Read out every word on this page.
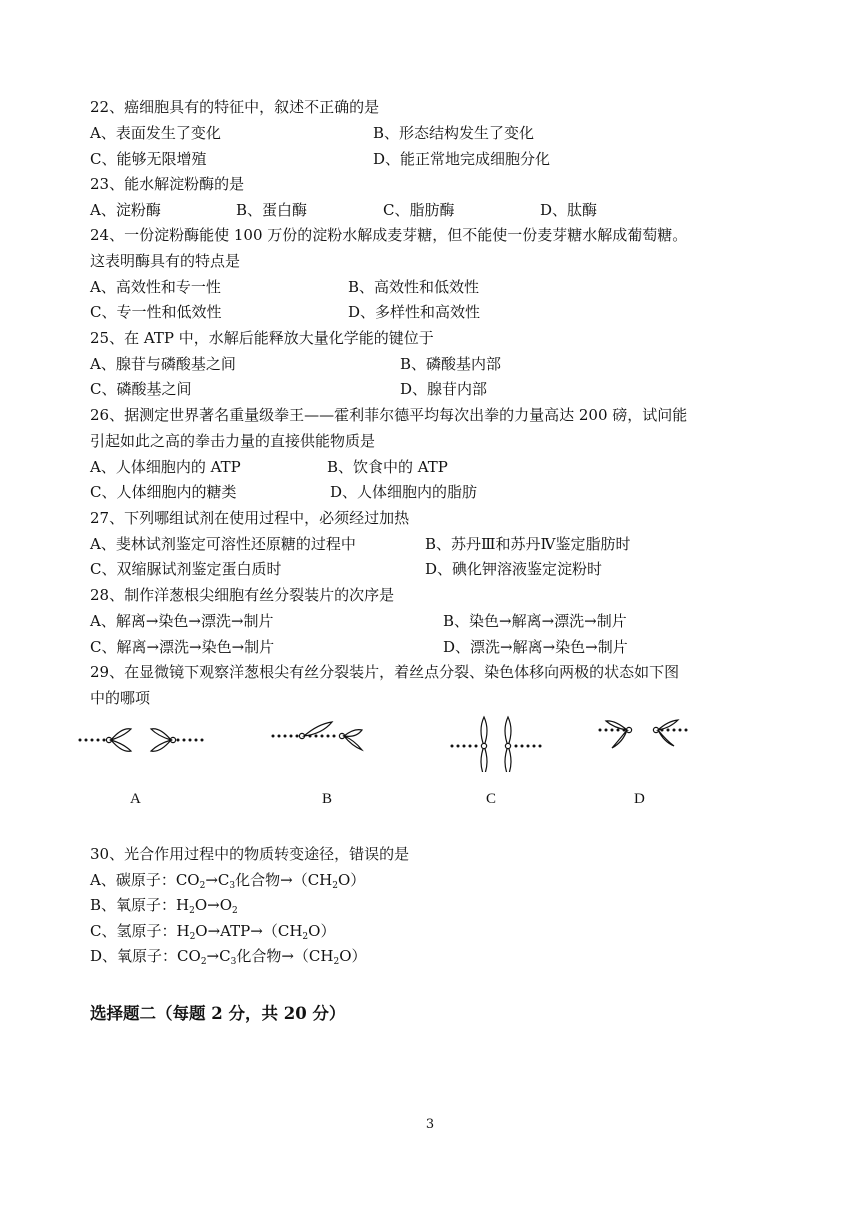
22、癌细胞具有的特征中，叙述不正确的是
A、表面发生了变化	B、形态结构发生了变化
C、能够无限增殖	D、能正常地完成细胞分化
23、能水解淀粉酶的是
A、淀粉酶	B、蛋白酶	C、脂肪酶	D、肽酶
24、一份淀粉酶能使 100 万份的淀粉水解成麦芽糖，但不能使一份麦芽糖水解成葡萄糖。
这表明酶具有的特点是
A、高效性和专一性	B、高效性和低效性
C、专一性和低效性	D、多样性和高效性
25、在 ATP 中，水解后能释放大量化学能的键位于
A、腺苷与磷酸基之间	B、磷酸基内部
C、磷酸基之间	D、腺苷内部
26、据测定世界著名重量级拳王——霍利菲尔德平均每次出拳的力量高达 200 磅，试问能
引起如此之高的拳击力量的直接供能物质是
A、人体细胞内的 ATP	B、饮食中的 ATP
C、人体细胞内的糖类	D、人体细胞内的脂肪
27、下列哪组试剂在使用过程中，必须经过加热
A、斐林试剂鉴定可溶性还原糖的过程中	B、苏丹Ⅲ和苏丹Ⅳ鉴定脂肪时
C、双缩脲试剂鉴定蛋白质时	D、碘化钾溶液鉴定淀粉时
28、制作洋葱根尖细胞有丝分裂装片的次序是
A、解离→染色→漂洗→制片	B、染色→解离→漂洗→制片
C、解离→漂洗→染色→制片	D、漂洗→解离→染色→制片
29、在显微镜下观察洋葱根尖有丝分裂装片，着丝点分裂、染色体移向两极的状态如下图
中的哪项
A	B	C	D
30、光合作用过程中的物质转变途径，错误的是
A、碳原子：$CO_2\to C_3$化合物$\to(CH_2O)$
B、氧原子：$H_2O\to O_2$
C、氢原子：$H_2O\to ATP\to(CH_2O)$
D、氧原子：$CO_2\to C_3$化合物$\to(CH_2O)$
选择题二（每题 2 分，共 20 分）
3
